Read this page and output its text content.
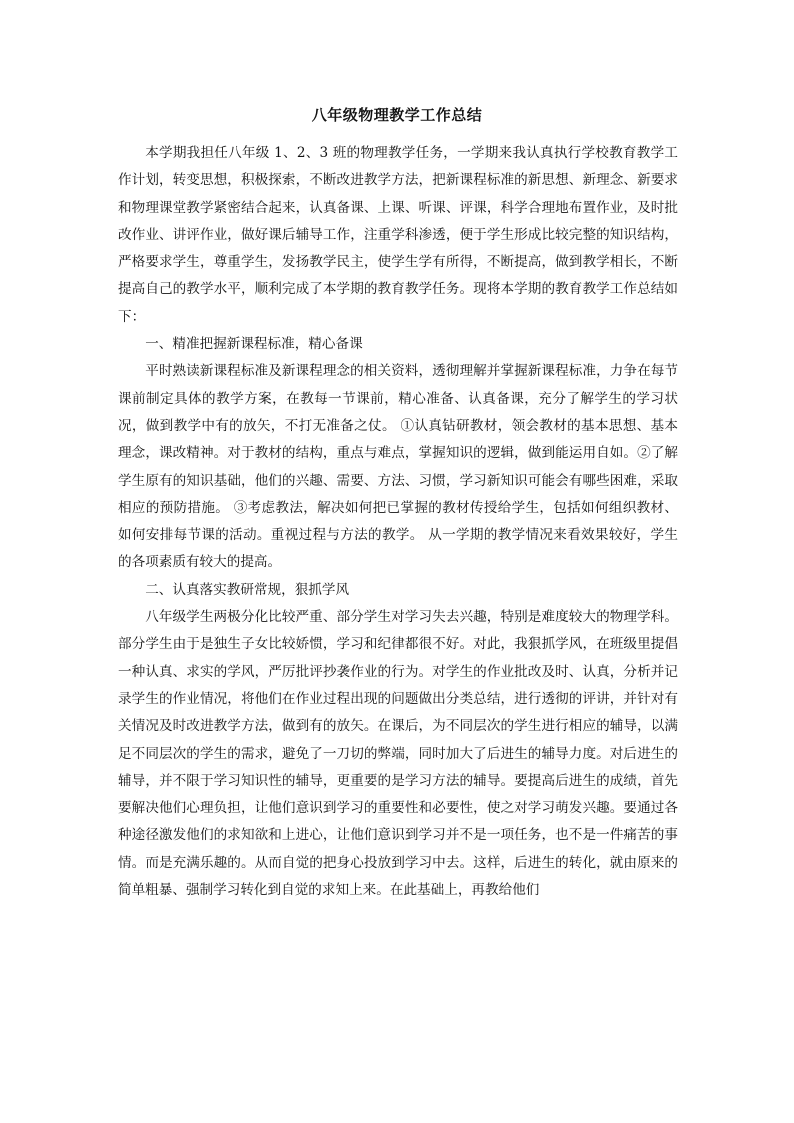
八年级物理教学工作总结

本学期我担任八年级 1、2、3 班的物理教学任务，一学期来我认真执行学校教育教学工作计划，转变思想，积极探索，不断改进教学方法，把新课程标准的新思想、新理念、新要求和物理课堂教学紧密结合起来，认真备课、上课、听课、评课，科学合理地布置作业，及时批改作业、讲评作业，做好课后辅导工作，注重学科渗透，便于学生形成比较完整的知识结构，严格要求学生，尊重学生，发扬教学民主，使学生学有所得，不断提高，做到教学相长，不断提高自己的教学水平，顺利完成了本学期的教育教学任务。现将本学期的教育教学工作总结如下：

一、精准把握新课程标准，精心备课

平时熟读新课程标准及新课程理念的相关资料，透彻理解并掌握新课程标准，力争在每节课前制定具体的教学方案，在教每一节课前，精心准备、认真备课，充分了解学生的学习状况，做到教学中有的放矢，不打无准备之仗。 ①认真钻研教材，领会教材的基本思想、基本理念，课改精神。对于教材的结构，重点与难点，掌握知识的逻辑，做到能运用自如。②了解学生原有的知识基础，他们的兴趣、需要、方法、习惯，学习新知识可能会有哪些困难，采取相应的预防措施。 ③考虑教法，解决如何把已掌握的教材传授给学生，包括如何组织教材、如何安排每节课的活动。重视过程与方法的教学。 从一学期的教学情况来看效果较好，学生的各项素质有较大的提高。

二、认真落实教研常规，狠抓学风

八年级学生两极分化比较严重、部分学生对学习失去兴趣，特别是难度较大的物理学科。部分学生由于是独生子女比较娇惯，学习和纪律都很不好。对此，我狠抓学风，在班级里提倡一种认真、求实的学风，严厉批评抄袭作业的行为。对学生的作业批改及时、认真，分析并记录学生的作业情况，将他们在作业过程出现的问题做出分类总结，进行透彻的评讲，并针对有关情况及时改进教学方法，做到有的放矢。在课后，为不同层次的学生进行相应的辅导，以满足不同层次的学生的需求，避免了一刀切的弊端，同时加大了后进生的辅导力度。对后进生的辅导，并不限于学习知识性的辅导，更重要的是学习方法的辅导。要提高后进生的成绩，首先要解决他们心理负担，让他们意识到学习的重要性和必要性，使之对学习萌发兴趣。要通过各种途径激发他们的求知欲和上进心，让他们意识到学习并不是一项任务，也不是一件痛苦的事情。而是充满乐趣的。从而自觉的把身心投放到学习中去。这样，后进生的转化，就由原来的简单粗暴、强制学习转化到自觉的求知上来。在此基础上，再教给他们
